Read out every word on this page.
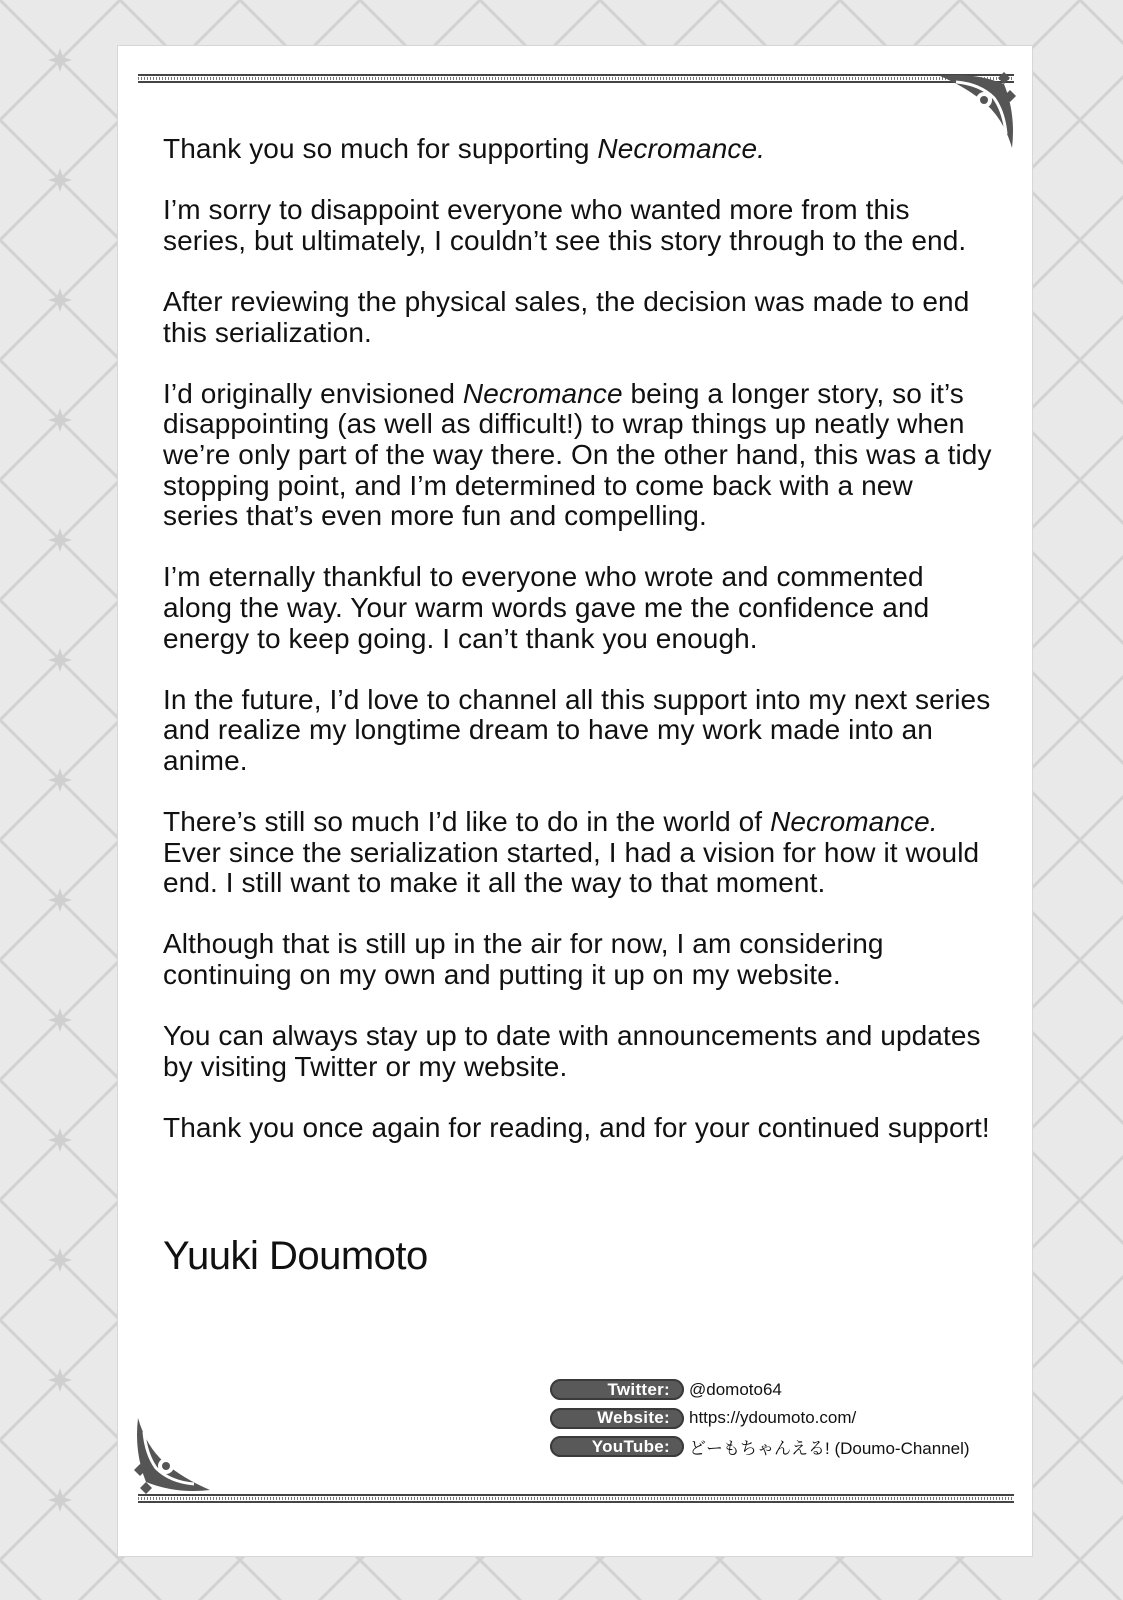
Thank you so much for supporting Necromance.

I’m sorry to disappoint everyone who wanted more from this series, but ultimately, I couldn’t see this story through to the end.

After reviewing the physical sales, the decision was made to end this serialization.

I’d originally envisioned Necromance being a longer story, so it’s disappointing (as well as difficult!) to wrap things up neatly when we’re only part of the way there. On the other hand, this was a tidy stopping point, and I’m determined to come back with a new series that’s even more fun and compelling.

I’m eternally thankful to everyone who wrote and commented along the way. Your warm words gave me the confidence and energy to keep going. I can’t thank you enough.

In the future, I’d love to channel all this support into my next series and realize my longtime dream to have my work made into an anime.

There’s still so much I’d like to do in the world of Necromance. Ever since the serialization started, I had a vision for how it would end. I still want to make it all the way to that moment.

Although that is still up in the air for now, I am considering continuing on my own and putting it up on my website.

You can always stay up to date with announcements and updates by visiting Twitter or my website.

Thank you once again for reading, and for your continued support!

Yuuki Doumoto
Twitter:	@domoto64
Website:	https://ydoumoto.com/
YouTube:	どーもちゃんえる! (Doumo-Channel)
